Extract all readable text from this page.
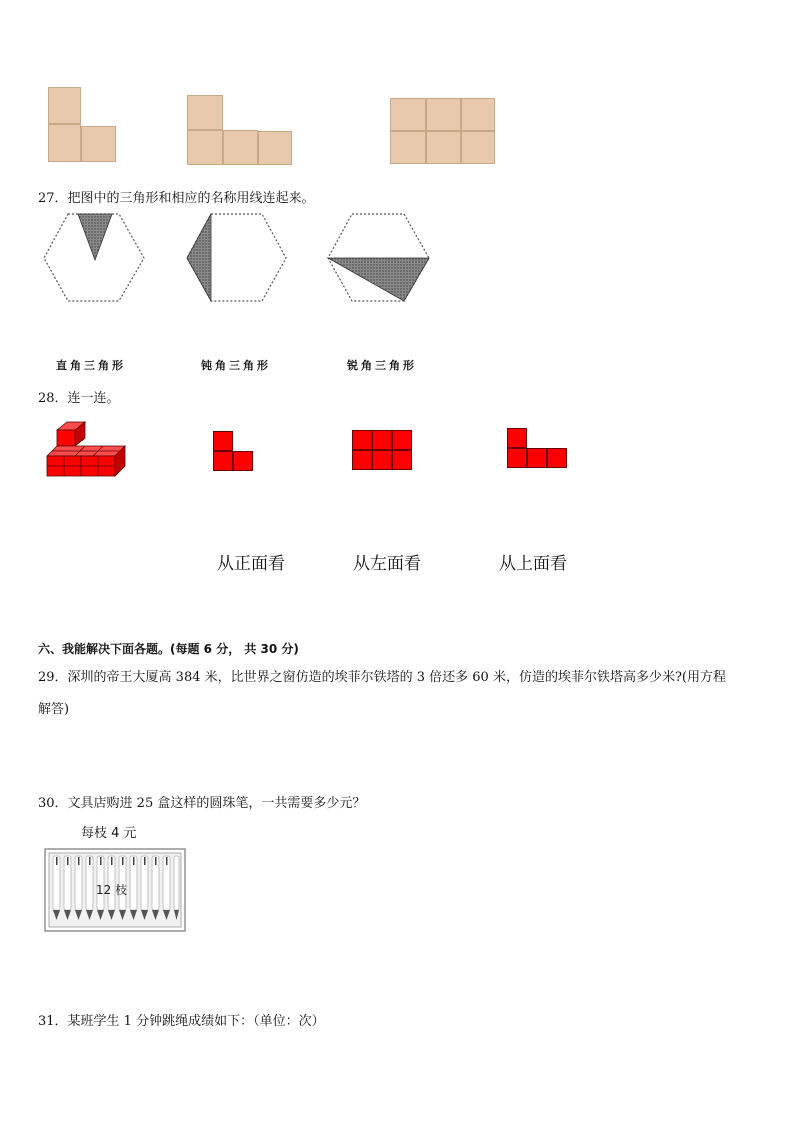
27．把图中的三角形和相应的名称用线连起来。
直角三角形	钝角三角形	锐角三角形
28．连一连。
从正面看	从左面看	从上面看
六、我能解决下面各题。(每题 6 分， 共 30 分)
29．深圳的帝王大厦高 384 米，比世界之窗仿造的埃菲尔铁塔的 3 倍还多 60 米，仿造的埃菲尔铁塔高多少米?(用方程
解答)
30．文具店购进 25 盒这样的圆珠笔，一共需要多少元？
每枝 4 元
12 枝
31．某班学生 1 分钟跳绳成绩如下：（单位：次）
